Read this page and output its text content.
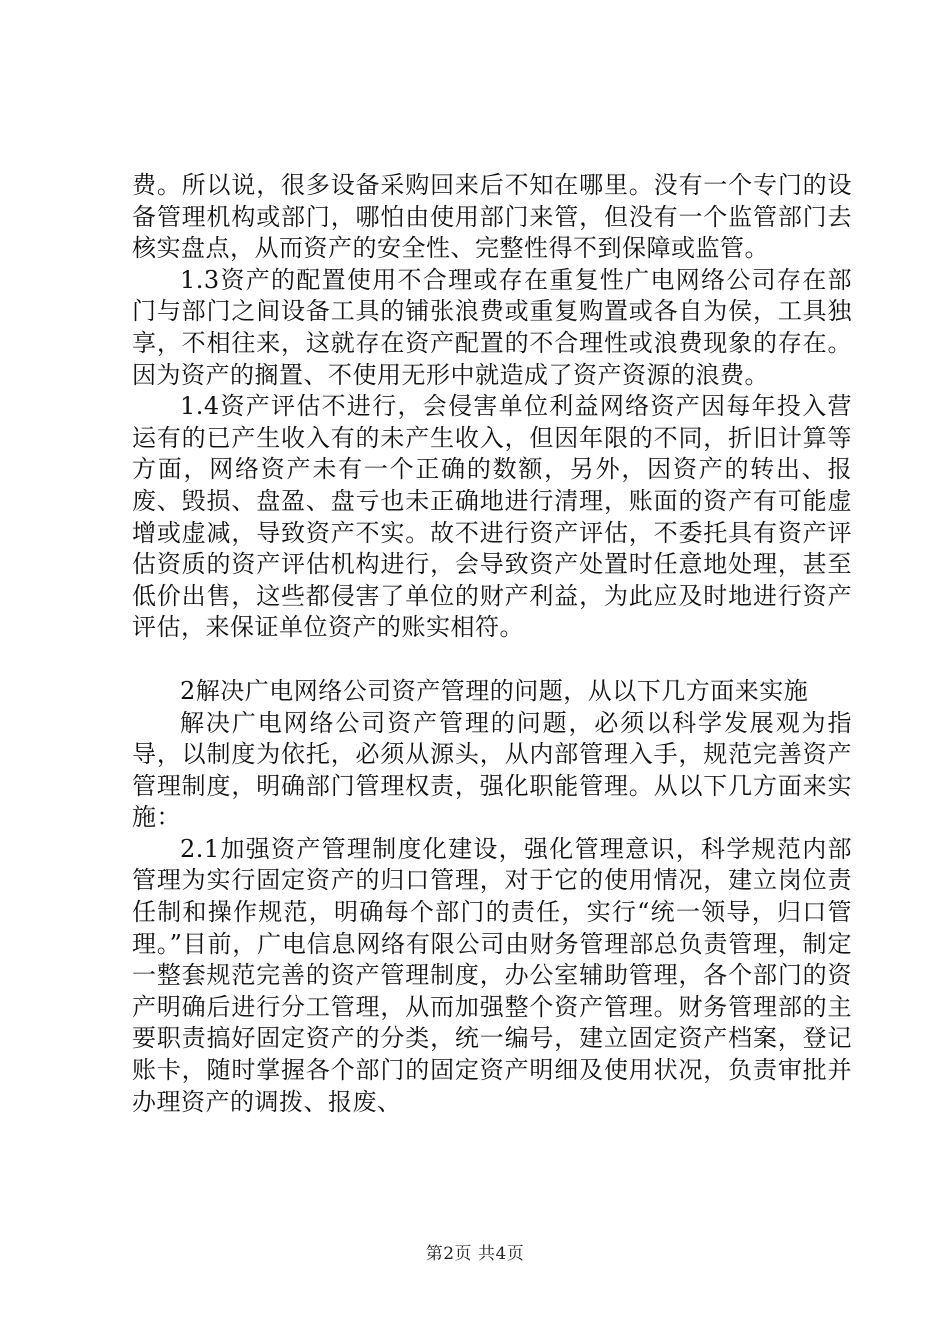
费。所以说，很多设备采购回来后不知在哪里。没有一个专门的设备管理机构或部门，哪怕由使用部门来管，但没有一个监管部门去核实盘点，从而资产的安全性、完整性得不到保障或监管。

1.3资产的配置使用不合理或存在重复性广电网络公司存在部门与部门之间设备工具的铺张浪费或重复购置或各自为侯，工具独享，不相往来，这就存在资产配置的不合理性或浪费现象的存在。因为资产的搁置、不使用无形中就造成了资产资源的浪费。

1.4资产评估不进行，会侵害单位利益网络资产因每年投入营运有的已产生收入有的未产生收入，但因年限的不同，折旧计算等方面，网络资产未有一个正确的数额，另外，因资产的转出、报废、毁损、盘盈、盘亏也未正确地进行清理，账面的资产有可能虚增或虚减，导致资产不实。故不进行资产评估，不委托具有资产评估资质的资产评估机构进行，会导致资产处置时任意地处理，甚至低价出售，这些都侵害了单位的财产利益，为此应及时地进行资产评估，来保证单位资产的账实相符。

2解决广电网络公司资产管理的问题，从以下几方面来实施

解决广电网络公司资产管理的问题，必须以科学发展观为指导，以制度为依托，必须从源头，从内部管理入手，规范完善资产管理制度，明确部门管理权责，强化职能管理。从以下几方面来实施：

2.1加强资产管理制度化建设，强化管理意识，科学规范内部管理为实行固定资产的归口管理，对于它的使用情况，建立岗位责任制和操作规范，明确每个部门的责任，实行“统一领导，归口管理。”目前，广电信息网络有限公司由财务管理部总负责管理，制定一整套规范完善的资产管理制度，办公室辅助管理，各个部门的资产明确后进行分工管理，从而加强整个资产管理。财务管理部的主要职责搞好固定资产的分类，统一编号，建立固定资产档案，登记账卡，随时掌握各个部门的固定资产明细及使用状况，负责审批并办理资产的调拨、报废、

第2页 共4页
